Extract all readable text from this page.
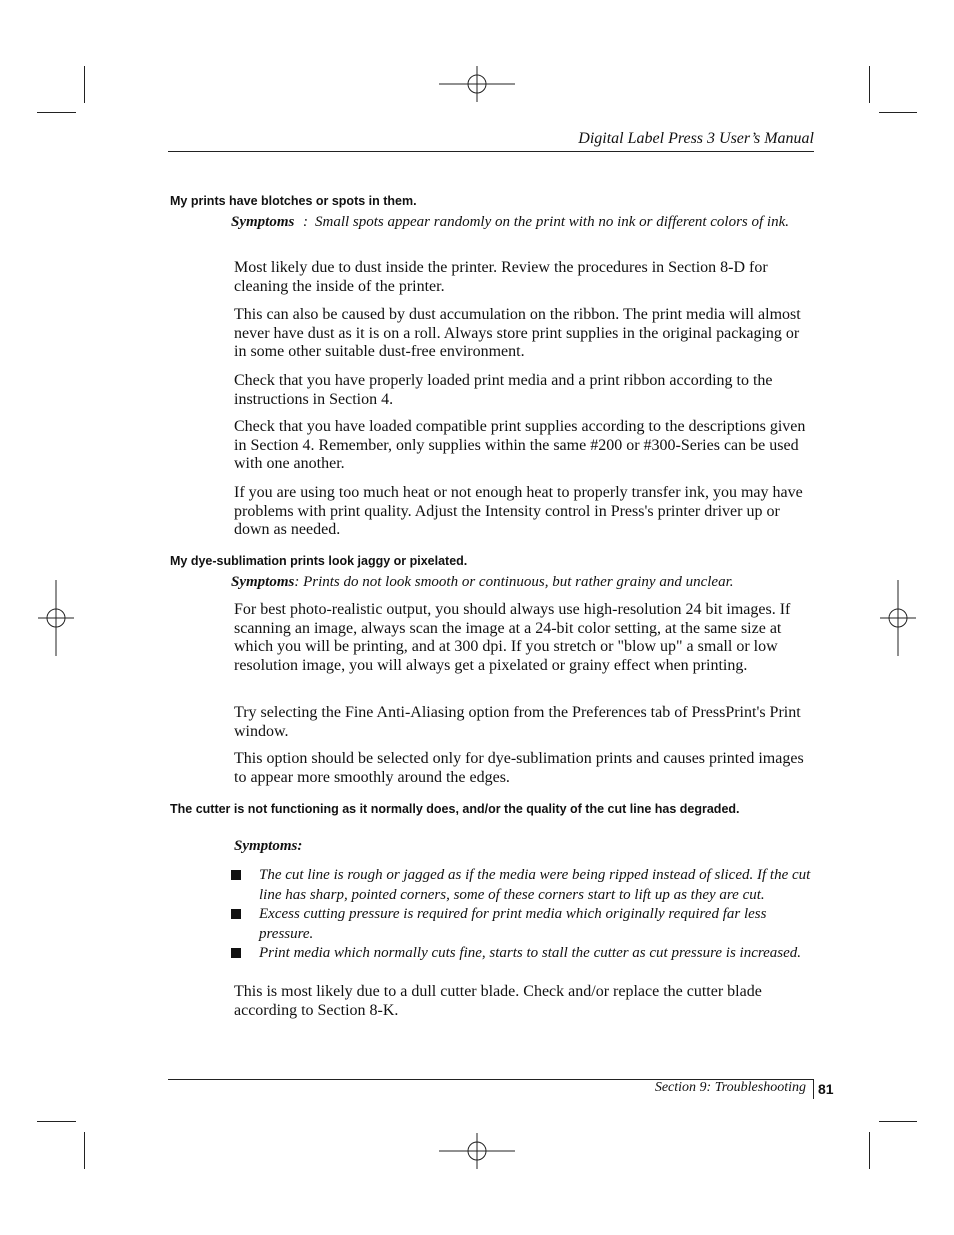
Digital Label Press 3 User’s Manual
My prints have blotches or spots in them.
Symptoms : Small spots appear randomly on the print with no ink or different colors of ink.

Most likely due to dust inside the printer. Review the procedures in Section 8-D for cleaning the inside of the printer.

This can also be caused by dust accumulation on the ribbon. The print media will almost never have dust as it is on a roll. Always store print supplies in the original packaging or in some other suitable dust-free environment.

Check that you have properly loaded print media and a print ribbon according to the instructions in Section 4.

Check that you have loaded compatible print supplies according to the descriptions given in Section 4. Remember, only supplies within the same #200 or #300-Series can be used with one another.

If you are using too much heat or not enough heat to properly transfer ink, you may have problems with print quality. Adjust the Intensity control in Press's printer driver up or down as needed.

My dye-sublimation prints look jaggy or pixelated.
Symptoms: Prints do not look smooth or continuous, but rather grainy and unclear.

For best photo-realistic output, you should always use high-resolution 24 bit images. If scanning an image, always scan the image at a 24-bit color setting, at the same size at which you will be printing, and at 300 dpi. If you stretch or "blow up" a small or low resolution image, you will always get a pixelated or grainy effect when printing.

Try selecting the Fine Anti-Aliasing option from the Preferences tab of PressPrint's Print window.

This option should be selected only for dye-sublimation prints and causes printed images to appear more smoothly around the edges.

The cutter is not functioning as it normally does, and/or the quality of the cut line has degraded.
Symptoms:
The cut line is rough or jagged as if the media were being ripped instead of sliced. If the cut line has sharp, pointed corners, some of these corners start to lift up as they are cut.
Excess cutting pressure is required for print media which originally required far less pressure.
Print media which normally cuts fine, starts to stall the cutter as cut pressure is increased.

This is most likely due to a dull cutter blade. Check and/or replace the cutter blade according to Section 8-K.

Section 9: Troubleshooting 81
